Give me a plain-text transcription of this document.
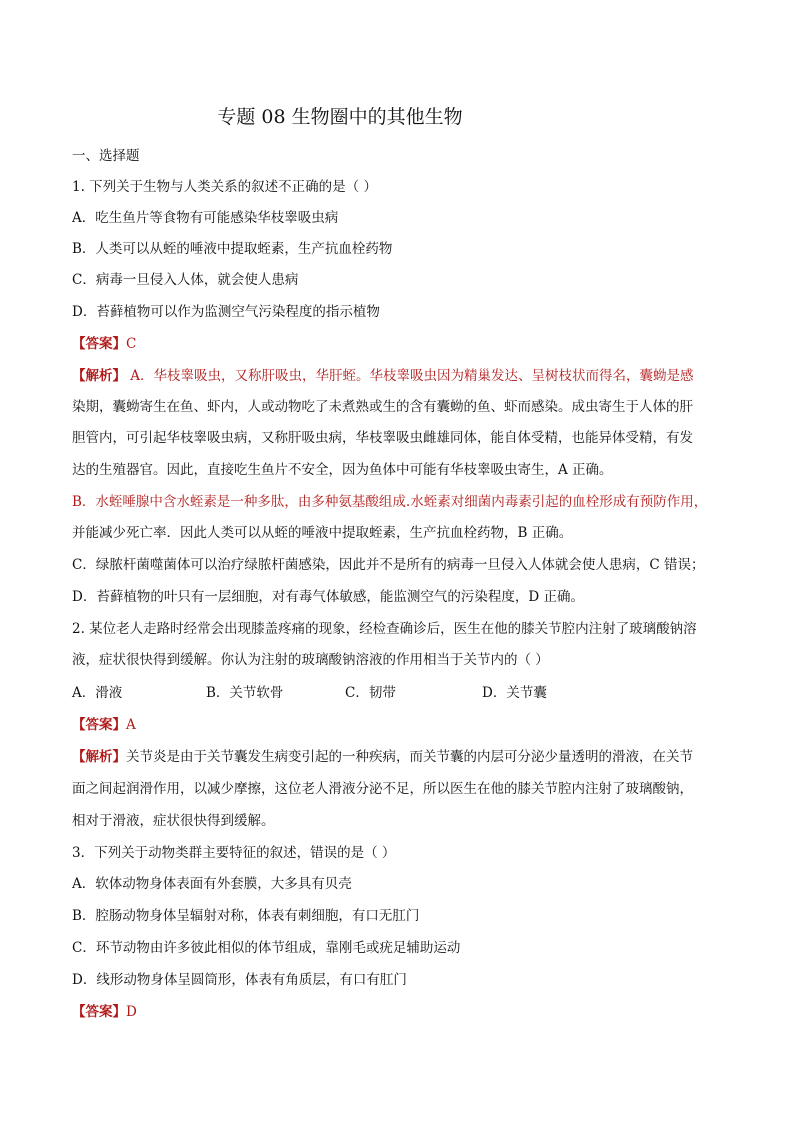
专题 08 生物圈中的其他生物
一、选择题
1. 下列关于生物与人类关系的叙述不正确的是（ ）
A．吃生鱼片等食物有可能感染华枝睾吸虫病
B．人类可以从蛭的唾液中提取蛭素，生产抗血栓药物
C．病毒一旦侵入人体，就会使人患病
D．苔藓植物可以作为监测空气污染程度的指示植物
【答案】C
【解析】 A．华枝睾吸虫，又称肝吸虫，华肝蛭。华枝睾吸虫因为精巢发达、呈树枝状而得名，囊蚴是感
染期，囊蚴寄生在鱼、虾内，人或动物吃了未煮熟或生的含有囊蚴的鱼、虾而感染。成虫寄生于人体的肝
胆管内，可引起华枝睾吸虫病，又称肝吸虫病，华枝睾吸虫雌雄同体，能自体受精，也能异体受精，有发
达的生殖器官。因此，直接吃生鱼片不安全，因为鱼体中可能有华枝睾吸虫寄生，A 正确。
B．水蛭唾腺中含水蛭素是一种多肽，由多种氨基酸组成.水蛭素对细菌内毒素引起的血栓形成有预防作用，
并能减少死亡率．因此人类可以从蛭的唾液中提取蛭素，生产抗血栓药物，B 正确。
C．绿脓杆菌噬菌体可以治疗绿脓杆菌感染，因此并不是所有的病毒一旦侵入人体就会使人患病，C 错误；
D．苔藓植物的叶只有一层细胞，对有毒气体敏感，能监测空气的污染程度，D 正确。
2. 某位老人走路时经常会出现膝盖疼痛的现象，经检查确诊后，医生在他的膝关节腔内注射了玻璃酸钠溶
液，症状很快得到缓解。你认为注射的玻璃酸钠溶液的作用相当于关节内的（ ）
A．滑液	B．关节软骨	C．韧带	D．关节囊
【答案】A
【解析】关节炎是由于关节囊发生病变引起的一种疾病，而关节囊的内层可分泌少量透明的滑液，在关节
面之间起润滑作用，以减少摩擦，这位老人滑液分泌不足，所以医生在他的膝关节腔内注射了玻璃酸钠，
相对于滑液，症状很快得到缓解。
3．下列关于动物类群主要特征的叙述，错误的是（ ）
A．软体动物身体表面有外套膜，大多具有贝壳
B．腔肠动物身体呈辐射对称，体表有刺细胞，有口无肛门
C．环节动物由许多彼此相似的体节组成，靠刚毛或疣足辅助运动
D．线形动物身体呈圆筒形，体表有角质层，有口有肛门
【答案】D
